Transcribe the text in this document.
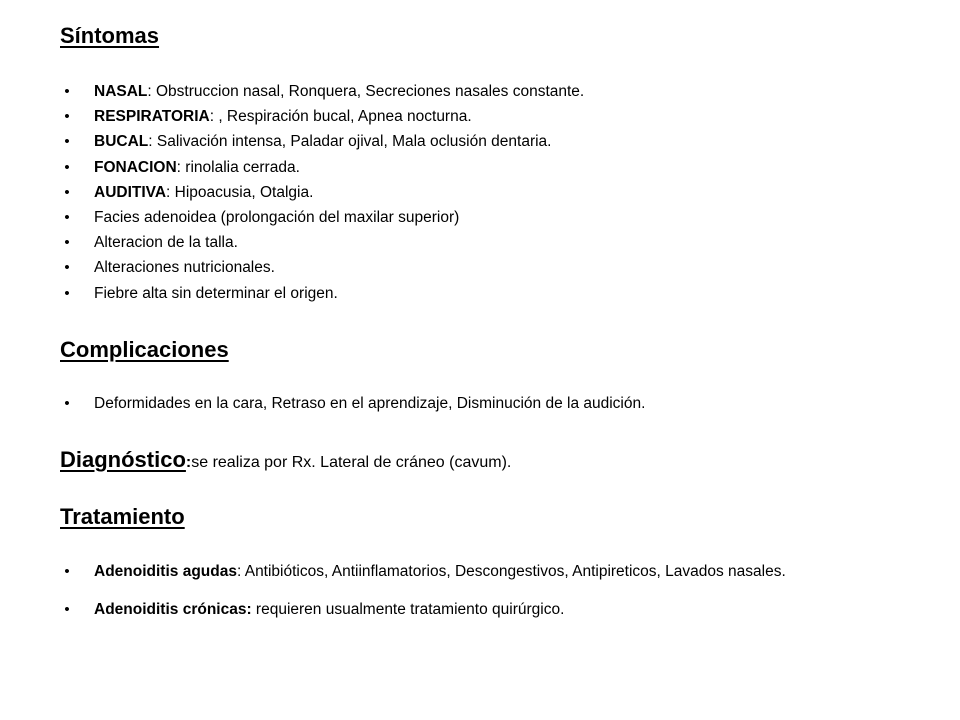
Síntomas
• NASAL: Obstruccion nasal, Ronquera, Secreciones nasales constante.
• RESPIRATORIA: , Respiración bucal, Apnea nocturna.
• BUCAL: Salivación intensa, Paladar ojival, Mala oclusión dentaria.
• FONACION: rinolalia cerrada.
• AUDITIVA: Hipoacusia, Otalgia.
• Facies adenoidea (prolongación del maxilar superior)
• Alteracion de la talla.
• Alteraciones nutricionales.
• Fiebre alta sin determinar el origen.
Complicaciones
• Deformidades en la cara, Retraso en el aprendizaje, Disminución de la audición.
Diagnóstico:se realiza por Rx. Lateral de cráneo (cavum).
Tratamiento
• Adenoiditis agudas: Antibióticos, Antiinflamatorios, Descongestivos, Antipireticos, Lavados nasales.
• Adenoiditis crónicas: requieren usualmente tratamiento quirúrgico.
